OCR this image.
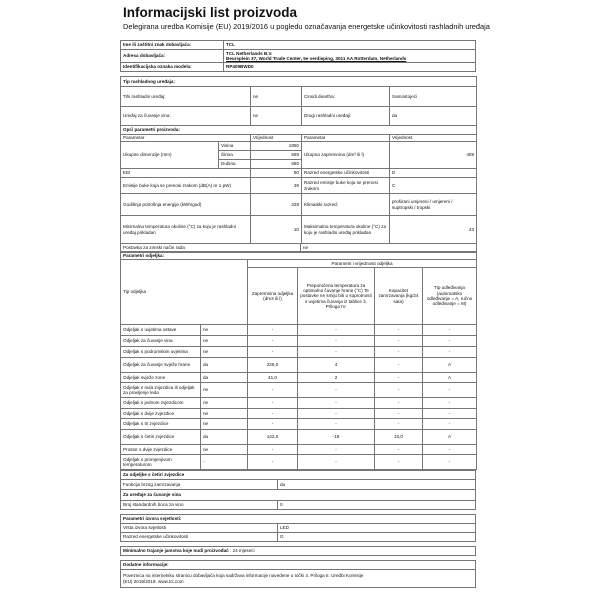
Informacijski list proizvoda
Delegirana uredba Komisije (EU) 2019/2016 u pogledu označavanja energetske učinkovitosti rashladnih uređaja
Ime ili zaštitni znak dobavljača:	TCL
Adresa dobavljača:	TCL Netherlands B.V.
Beursplein 37, World Trade Center, 5e verdieping, 3011 AA Rotterdam, Netherlands

Identifikacijska oznaka modela:	RP409BWD0
Tip rashladnog uređaja:				
Tihi rashladni uređaj:		ne	Cinsdi deartha:	Samostojeći
Uređaj za čuvanje vina:		ne	Drugi rashladni uređaji:	da
Opći parametri proizvoda:				
Parametar		Vrijednost	Parametar	Vrijednost
Ukupne dimenzije (mm)	Visina	1850	Ukupna zapremnina (dm³ ili l)	409
	Širina	595		
	Dubina	680		
EEI		80	Razred energetske učinkovitosti	D
Emisije buke koja se prenosi zrakom (dB(A) re 1 pW)		39	Razred emisije buke koja se prenosi zrakom	C
Godišnja potrošnja energije (kWh/god)		228	Klimatski razred:	proširani umjereni / umjereni / suptropski / tropski
Minimalna temperatura okoline (°C) za koju je rashladni uređaj prikladan		10	Maksimalna temperatura okoline (°C) za koju je rashladni uređaj prikladan	43
Postavka za zimski način rada			ne	
Parametri odjeljka:					
Tip odjeljka		Parametri i vrijednosti odjeljka			
		Zapremnina odjeljka (dm3 ili l)	Preporučena temperatura za optimalno čuvanje hrane (°C) Te postavke ne smiju biti u suprotnosti s uvjetima čuvanja iz tablice 3. Priloga IV.	Kapacitet zamrzavanja (kg/24 sata)	Tip odleđivanja (automatsko odleđivanje = A, ručno odleđivanje = M)
Odjeljak s uvjetima ostave	ne	-	-	-	-
Odjeljak za čuvanje vina	ne	-	-	-	-
Odjeljak s podrumskim uvjetima	ne	-	-	-	-
Odjeljak za čuvanje svježe hrane	da	226,0	4	-	A
Odjeljak svježe zone	da	41,0	2	-	A
Odjeljak s nula zvjezdica ili odjeljak za pravljenje leda	ne	-	-	-	-
Odjeljak s jednom zvjezdicom	ne	-	-	-	-
Odjeljak s dvije zvjezdice	ne	-	-	-	-
Odjeljak s tri zvjezdice	ne	-	-	-	-
Odjeljak s četiri zvjezdice	da	142,0	-18	10,0	A
Prostor s dvije zvjezdice	ne	-	-	-	-
Odjeljak s promjenjivom temperaturom	-	-	-	-	-
Za odjeljke s četiri zvjezdice	
Funkcija brzog zamrzavanja	da
Za uređaje za čuvanje vina	
Broj standardnih boca za vino	0

Parametri izvora svjetlosti:	
Vrsta izvora svjetlosti	LED
Razred energetske učinkovitosti	G

Minimalno trajanje jamstva koje nudi proizvođač : 24 mjeseci	

Dodatne informacije:	

Poveznica na internetsku stranicu dobavljača koja sadržava informacije navedene u točki 4. Priloga II. Uredbi Komisije
(EU) 2019/2019: www.tcl.com	
